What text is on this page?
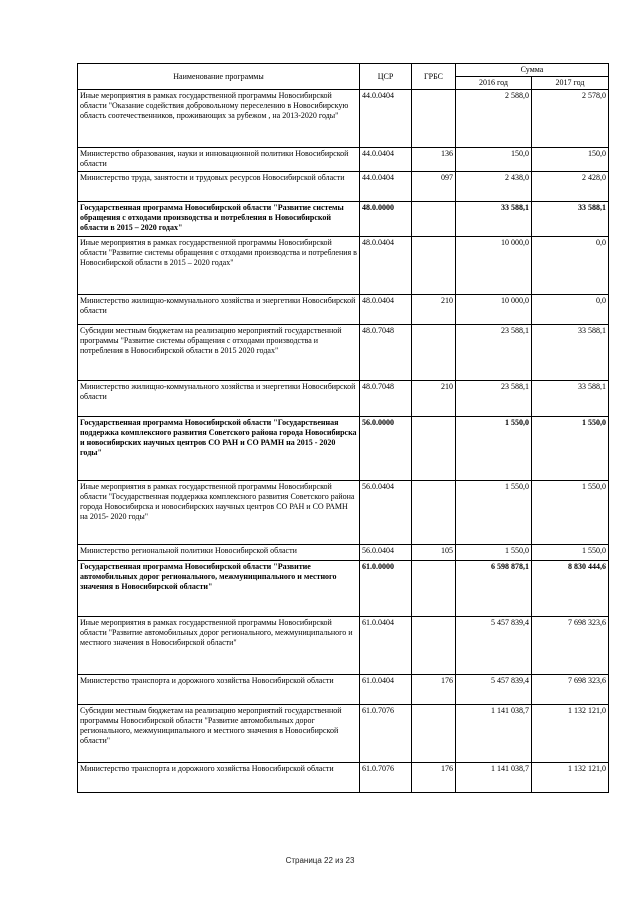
Наименование программы	ЦСР	ГРБС	Сумма	
			2016 год	2017 год
Иные мероприятия в рамках государственной программы Новосибирской области "Оказание содействия добровольному переселению в Новосибирскую область соотечественников, проживающих за рубежом , на 2013-2020 годы"	44.0.0404		2 588,0	2 578,0
Министерство образования, науки и инновационной политики Новосибирской области	44.0.0404	136	150,0	150,0
Министерство труда, занятости и трудовых ресурсов Новосибирской области	44.0.0404	097	2 438,0	2 428,0
Государственная программа Новосибирской области "Развитие системы обращения с отходами производства и потребления в Новосибирской области в 2015 – 2020 годах"	48.0.0000		33 588,1	33 588,1
Иные мероприятия в рамках государственной программы Новосибирской области "Развитие системы обращения с отходами производства и потребления в Новосибирской области в 2015 – 2020 годах"	48.0.0404		10 000,0	0,0
Министерство жилищно-коммунального хозяйства и энергетики Новосибирской области	48.0.0404	210	10 000,0	0,0
Субсидии местным бюджетам на реализацию мероприятий государственной программы "Развитие системы обращения с отходами производства и потребления в Новосибирской области в 2015 2020 годах"	48.0.7048		23 588,1	33 588,1
Министерство жилищно-коммунального хозяйства и энергетики Новосибирской области	48.0.7048	210	23 588,1	33 588,1
Государственная программа Новосибирской области "Государственная поддержка комплексного развития Советского района города Новосибирска и новосибирских научных центров СО РАН и СО РАМН на 2015 - 2020 годы"	56.0.0000		1 550,0	1 550,0
Иные мероприятия в рамках государственной программы Новосибирской области "Государственная поддержка комплексного развития Советского района города Новосибирска и новосибирских научных центров СО РАН и СО РАМН на 2015- 2020 годы"	56.0.0404		1 550,0	1 550,0
Министерство региональной политики Новосибирской области	56.0.0404	105	1 550,0	1 550,0
Государственная программа Новосибирской области "Развитие автомобильных дорог регионального, межмуниципального и местного значения в Новосибирской области"	61.0.0000		6 598 878,1	8 830 444,6
Иные мероприятия в рамках государственной программы Новосибирской области "Развитие автомобильных дорог регионального, межмуниципального и местного значения в Новосибирской области"	61.0.0404		5 457 839,4	7 698 323,6
Министерство транспорта и дорожного хозяйства Новосибирской области	61.0.0404	176	5 457 839,4	7 698 323,6
Субсидии местным бюджетам на реализацию мероприятий государственной программы Новосибирской области "Развитие автомобильных дорог регионального, межмуниципального и местного значения в Новосибирской области"	61.0.7076		1 141 038,7	1 132 121,0
Министерство транспорта и дорожного хозяйства Новосибирской области	61.0.7076	176	1 141 038,7	1 132 121,0
Страница 22 из 23
